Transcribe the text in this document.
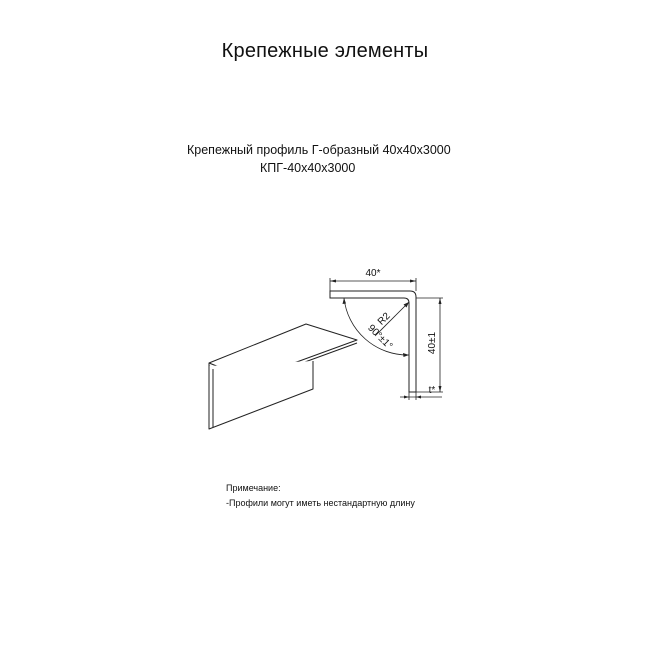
Крепежные элементы
Крепежный профиль Г-образный 40х40х3000
КПГ-40х40х3000
40*
40±1
t*
90°±1°
R2
Примечание:
-Профили могут иметь нестандартную длину
